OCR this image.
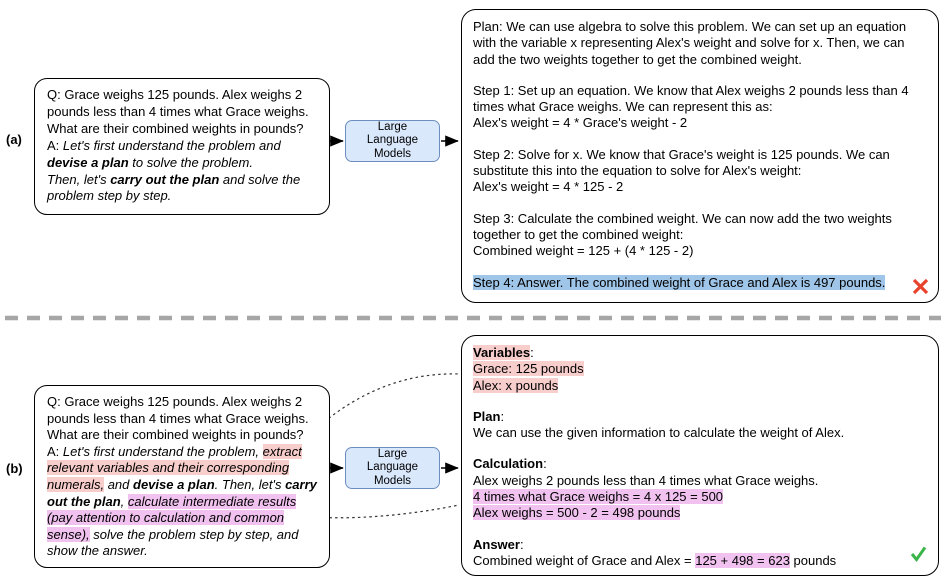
(a)
Q: Grace weighs 125 pounds. Alex weighs 2 pounds less than 4 times what Grace weighs. What are their combined weights in pounds?
A: Let's first understand the problem and devise a plan to solve the problem.
Then, let's carry out the plan and solve the problem step by step.
Large Language Models
Plan: We can use algebra to solve this problem. We can set up an equation with the variable x representing Alex's weight and solve for x. Then, we can add the two weights together to get the combined weight.
Step 1: Set up an equation. We know that Alex weighs 2 pounds less than 4 times what Grace weighs. We can represent this as:
Alex's weight = 4 * Grace's weight - 2
Step 2: Solve for x. We know that Grace's weight is 125 pounds. We can substitute this into the equation to solve for Alex's weight:
Alex's weight = 4 * 125 - 2
Step 3: Calculate the combined weight. We can now add the two weights together to get the combined weight:
Combined weight = 125 + (4 * 125 - 2)
Step 4: Answer. The combined weight of Grace and Alex is 497 pounds.
(b)
Q: Grace weighs 125 pounds. Alex weighs 2 pounds less than 4 times what Grace weighs. What are their combined weights in pounds?
A: Let's first understand the problem, extract relevant variables and their corresponding numerals, and devise a plan. Then, let's carry out the plan, calculate intermediate results (pay attention to calculation and common sense), solve the problem step by step, and show the answer.
Large Language Models
Variables:
Grace: 125 pounds
Alex: x pounds
Plan:
We can use the given information to calculate the weight of Alex.
Calculation:
Alex weighs 2 pounds less than 4 times what Grace weighs.
4 times what Grace weighs = 4 x 125 = 500
Alex weighs = 500 - 2 = 498 pounds
Answer:
Combined weight of Grace and Alex = 125 + 498 = 623 pounds
